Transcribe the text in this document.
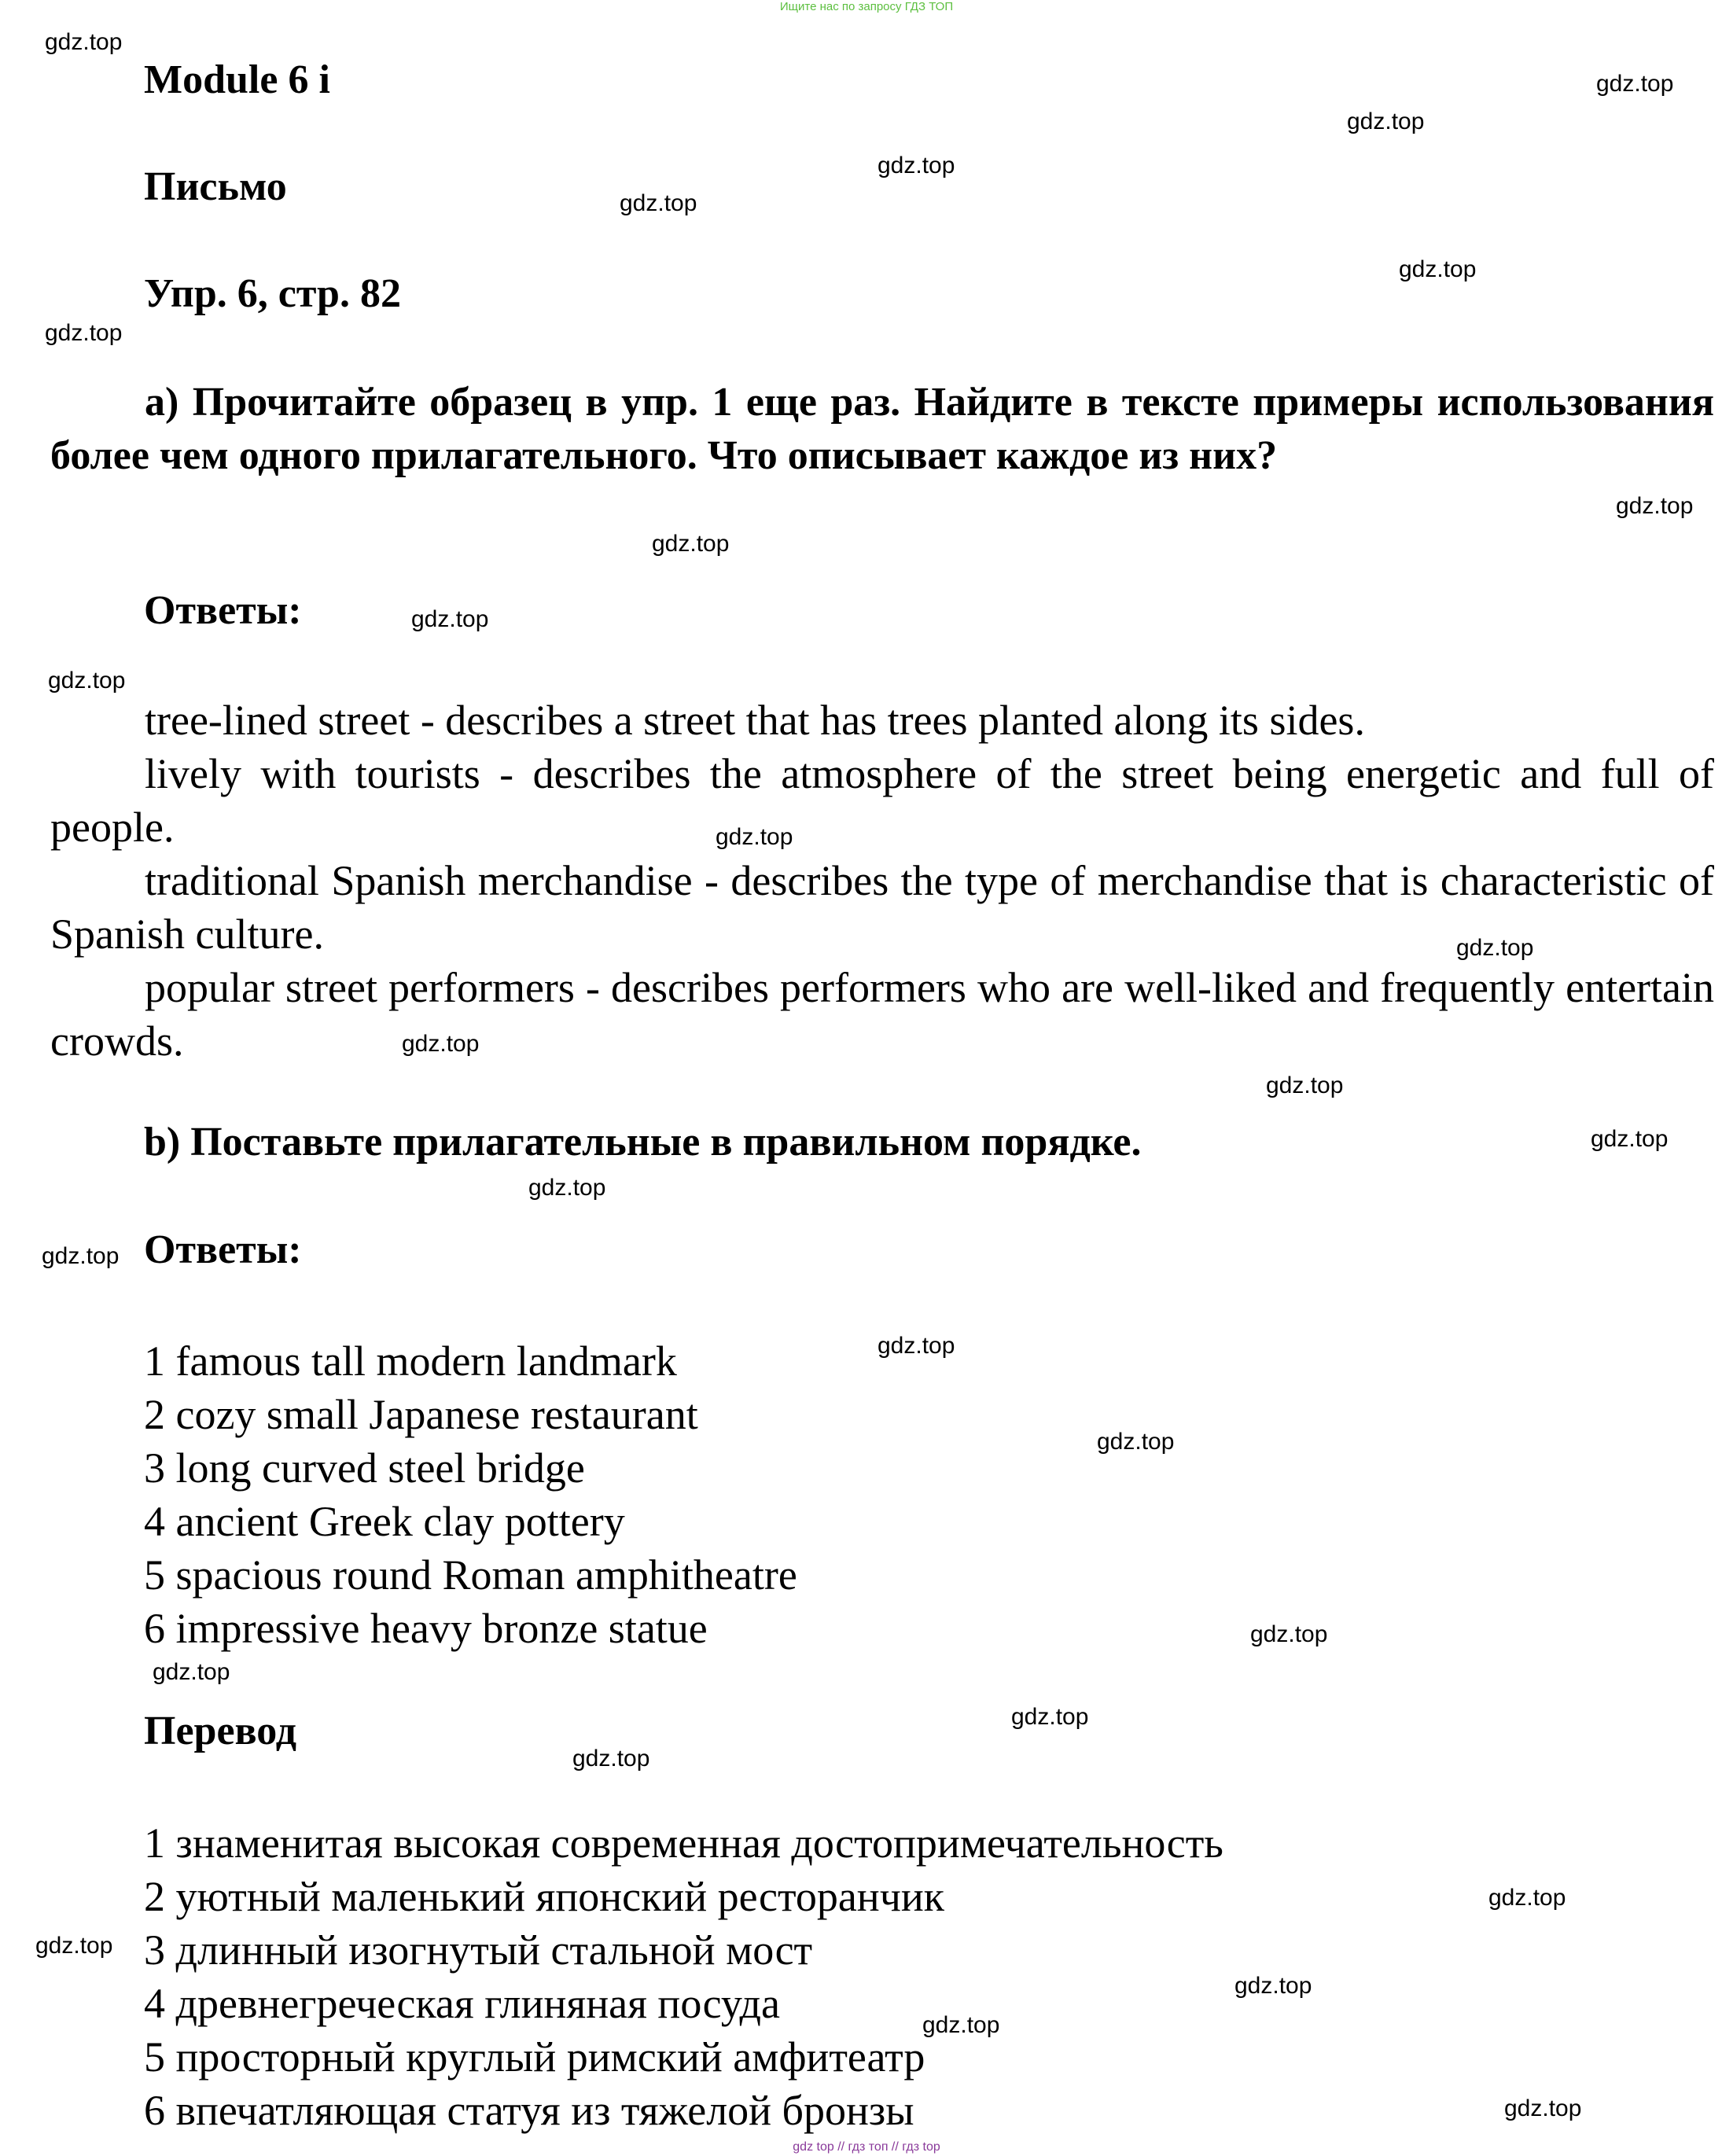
Ищите нас по запросу ГДЗ ТОП
gdz top // гдз топ // гдз top
Module 6 i
Письмо
Упр. 6, стр. 82

а) Прочитайте образец в упр. 1 еще раз. Найдите в тексте примеры использования более чем одного прилагательного. Что описывает каждое из них?

Ответы:

tree-lined street - describes a street that has trees planted along its sides.

lively with tourists - describes the atmosphere of the street being energetic and full of people.

traditional Spanish merchandise - describes the type of merchandise that is characteristic of Spanish culture.

popular street performers - describes performers who are well-liked and frequently entertain crowds.

b) Поставьте прилагательные в правильном порядке.
Ответы:
1 famous tall modern landmark
2 cozy small Japanese restaurant
3 long curved steel bridge
4 ancient Greek clay pottery
5 spacious round Roman amphitheatre
6 impressive heavy bronze statue
Перевод
1 знаменитая высокая современная достопримечательность
2 уютный маленький японский ресторанчик
3 длинный изогнутый стальной мост
4 древнегреческая глиняная посуда
5 просторный круглый римский амфитеатр
6 впечатляющая статуя из тяжелой бронзы
gdz.top
gdz.top
gdz.top
gdz.top
gdz.top
gdz.top
gdz.top
gdz.top
gdz.top
gdz.top
gdz.top
gdz.top
gdz.top
gdz.top
gdz.top
gdz.top
gdz.top
gdz.top
gdz.top
gdz.top
gdz.top
gdz.top
gdz.top
gdz.top
gdz.top
gdz.top
gdz.top
gdz.top
gdz.top
